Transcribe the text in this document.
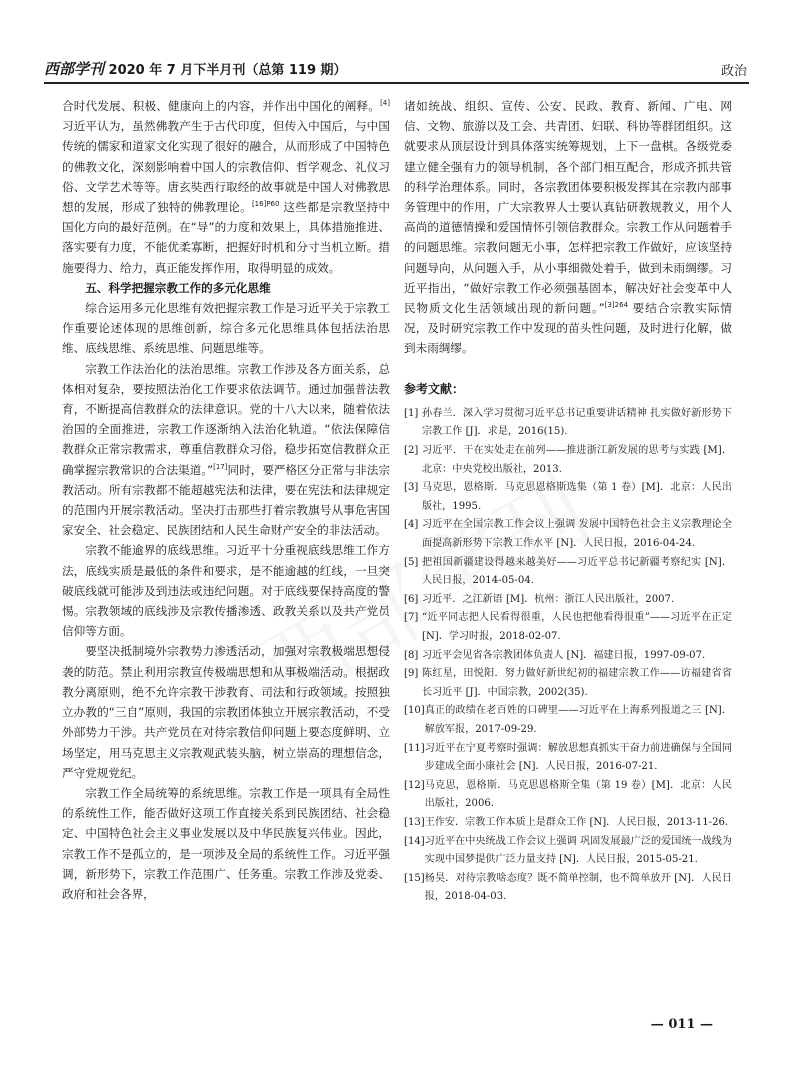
西部学刊 2020 年 7 月下半月刊（总第 119 期）	政治

合时代发展、积极、健康向上的内容，并作出中国化的阐释。[4] 习近平认为，虽然佛教产生于古代印度，但传入中国后，与中国传统的儒家和道家文化实现了很好的融合，从而形成了中国特色的佛教文化，深刻影响着中国人的宗教信仰、哲学观念、礼仪习俗、文学艺术等等。唐玄奘西行取经的故事就是中国人对佛教思想的发展，形成了独特的佛教理论。$^{[16]P60}$ 这些都是宗教坚持中国化方向的最好范例。在“导”的力度和效果上，具体措施推进、落实要有力度，不能优柔寡断，把握好时机和分寸当机立断。措施要得力、给力，真正能发挥作用，取得明显的成效。

五、科学把握宗教工作的多元化思维

综合运用多元化思维有效把握宗教工作是习近平关于宗教工作重要论述体现的思维创新，综合多元化思维具体包括法治思维、底线思维、系统思维、问题思维等。

宗教工作法治化的法治思维。宗教工作涉及各方面关系，总体相对复杂，要按照法治化工作要求依法调节。通过加强普法教育，不断提高信教群众的法律意识。党的十八大以来，随着依法治国的全面推进，宗教工作逐渐纳入法治化轨道。“依法保障信教群众正常宗教需求，尊重信教群众习俗，稳步拓宽信教群众正确掌握宗教常识的合法渠道。”[17]同时，要严格区分正常与非法宗教活动。所有宗教都不能超越宪法和法律，要在宪法和法律规定的范围内开展宗教活动。坚决打击那些打着宗教旗号从事危害国家安全、社会稳定、民族团结和人民生命财产安全的非法活动。

宗教不能逾界的底线思维。习近平十分重视底线思维工作方法，底线实质是最低的条件和要求，是不能逾越的红线，一旦突破底线就可能涉及到违法或违纪问题。对于底线要保持高度的警惕。宗教领域的底线涉及宗教传播渗透、政教关系以及共产党员信仰等方面。

要坚决抵制境外宗教势力渗透活动，加强对宗教极端思想侵袭的防范。禁止利用宗教宣传极端思想和从事极端活动。根据政教分离原则，绝不允许宗教干涉教育、司法和行政领域。按照独立办教的“三自”原则，我国的宗教团体独立开展宗教活动，不受外部势力干涉。共产党员在对待宗教信仰问题上要态度鲜明、立场坚定，用马克思主义宗教观武装头脑，树立崇高的理想信念，严守党规党纪。

宗教工作全局统筹的系统思维。宗教工作是一项具有全局性的系统性工作，能否做好这项工作直接关系到民族团结、社会稳定、中国特色社会主义事业发展以及中华民族复兴伟业。因此，宗教工作不是孤立的，是一项涉及全局的系统性工作。习近平强调，新形势下，宗教工作范围广、任务重。宗教工作涉及党委、政府和社会各界，

诸如统战、组织、宣传、公安、民政、教育、新闻、广电、网信、文物、旅游以及工会、共青团、妇联、科协等群团组织。这就要求从顶层设计到具体落实统筹规划，上下一盘棋。各级党委建立健全强有力的领导机制，各个部门相互配合，形成齐抓共管的科学治理体系。同时，各宗教团体要积极发挥其在宗教内部事务管理中的作用，广大宗教界人士要认真钻研教规教义，用个人高尚的道德情操和爱国情怀引领信教群众。宗教工作从问题着手的问题思维。宗教问题无小事，怎样把宗教工作做好，应该坚持问题导向，从问题入手，从小事细微处着手，做到未雨绸缪。习近平指出，“做好宗教工作必须强基固本，解决好社会变革中人民物质文化生活领域出现的新问题。”$^{[3]264}$ 要结合宗教实际情况，及时研究宗教工作中发现的苗头性问题，及时进行化解，做到未雨绸缪。

参考文献：

[1] 孙春兰．深入学习贯彻习近平总书记重要讲话精神 扎实做好新形势下宗教工作 [J]．求是，2016(15).
[2] 习近平．干在实处走在前列——推进浙江新发展的思考与实践 [M]．北京：中央党校出版社，2013.
[3] 马克思，恩格斯．马克思恩格斯选集（第 1 卷）[M]．北京：人民出版社，1995.
[4] 习近平在全国宗教工作会议上强调 发展中国特色社会主义宗教理论全面提高新形势下宗教工作水平 [N]．人民日报，2016-04-24.
[5] 把祖国新疆建设得越来越美好——习近平总书记新疆考察纪实 [N]．人民日报，2014-05-04.
[6] 习近平．之江新语 [M]．杭州：浙江人民出版社，2007.
[7] “近平同志把人民看得很重，人民也把他看得很重”——习近平在正定 [N]．学习时报，2018-02-07.
[8] 习近平会见省各宗教团体负责人 [N]．福建日报，1997-09-07.
[9] 陈红星，田悦阳．努力做好新世纪初的福建宗教工作——访福建省省长习近平 [J]．中国宗教，2002(35).
[10] 真正的政绩在老百姓的口碑里——习近平在上海系列报道之三 [N]．解放军报，2017-09-29.
[11] 习近平在宁夏考察时强调：解放思想真抓实干奋力前进确保与全国同步建成全面小康社会 [N]．人民日报，2016-07-21.
[12] 马克思，恩格斯．马克思恩格斯全集（第 19 卷）[M]．北京：人民出版社，2006.
[13] 王作安．宗教工作本质上是群众工作 [N]．人民日报，2013-11-26.
[14] 习近平在中央统战工作会议上强调 巩固发展最广泛的爱国统一战线为实现中国梦提供广泛力量支持 [N]．人民日报，2015-05-21.
[15] 杨昊．对待宗教啥态度？既不简单控制，也不简单放开 [N]．人民日报，2018-04-03.
— 011 —
